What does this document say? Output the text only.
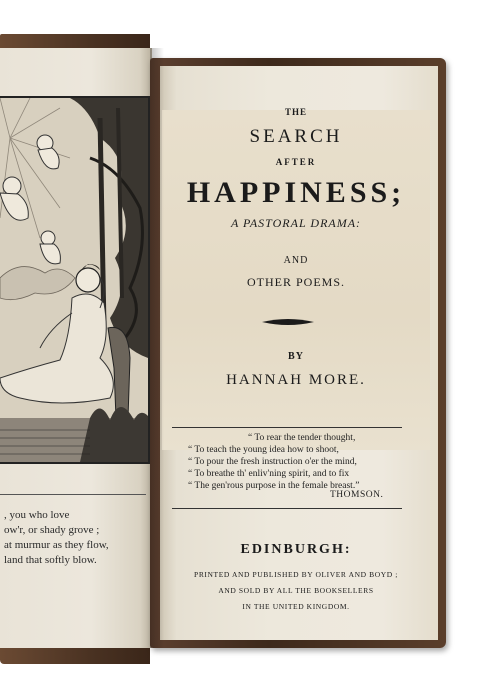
, you who love
ow'r, or shady grove ;
at murmur as they flow,
land that softly blow.
THE
SEARCH
AFTER
HAPPINESS;
A PASTORAL DRAMA:
AND
OTHER POEMS.
BY
HANNAH MORE.
“ To rear the tender thought,
“ To teach the young idea how to shoot,
“ To pour the fresh instruction o'er the mind,
“ To breathe th' enliv'ning spirit, and to fix
“ The gen'rous purpose in the female breast.”
THOMSON.
EDINBURGH:
PRINTED AND PUBLISHED BY OLIVER AND BOYD ;
AND SOLD BY ALL THE BOOKSELLERS
IN THE UNITED KINGDOM.
